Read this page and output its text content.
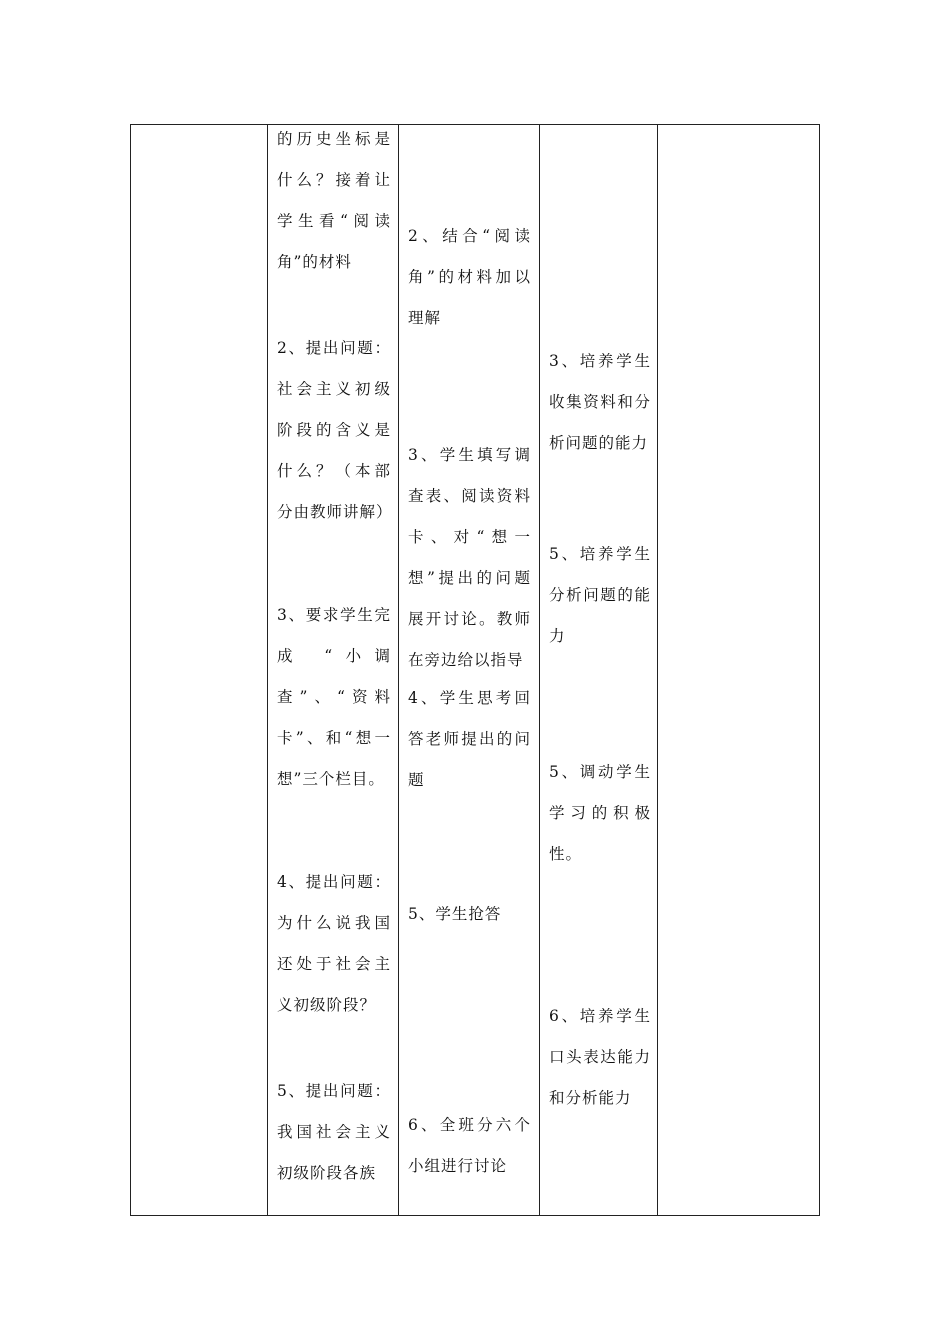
的历史坐标是什么？接着让学生看“阅读角”的材料

2、提出问题：社会主义初级阶段的含义是什么？（本部分由教师讲解）

3、要求学生完成 “小调查”、“资料卡”、和“想一想”三个栏目。

4、提出问题：为什么说我国还处于社会主义初级阶段？

5、提出问题：我国社会主义初级阶段各族

2、结合“阅读角”的材料加以理解

3、学生填写调查表、阅读资料卡、对“想一想”提出的问题展开讨论。教师在旁边给以指导

4、学生思考回答老师提出的问题

5、学生抢答

6、全班分六个小组进行讨论

3、培养学生收集资料和分析问题的能力

5、培养学生分析问题的能力

5、调动学生学习的积极性。

6、培养学生口头表达能力和分析能力
